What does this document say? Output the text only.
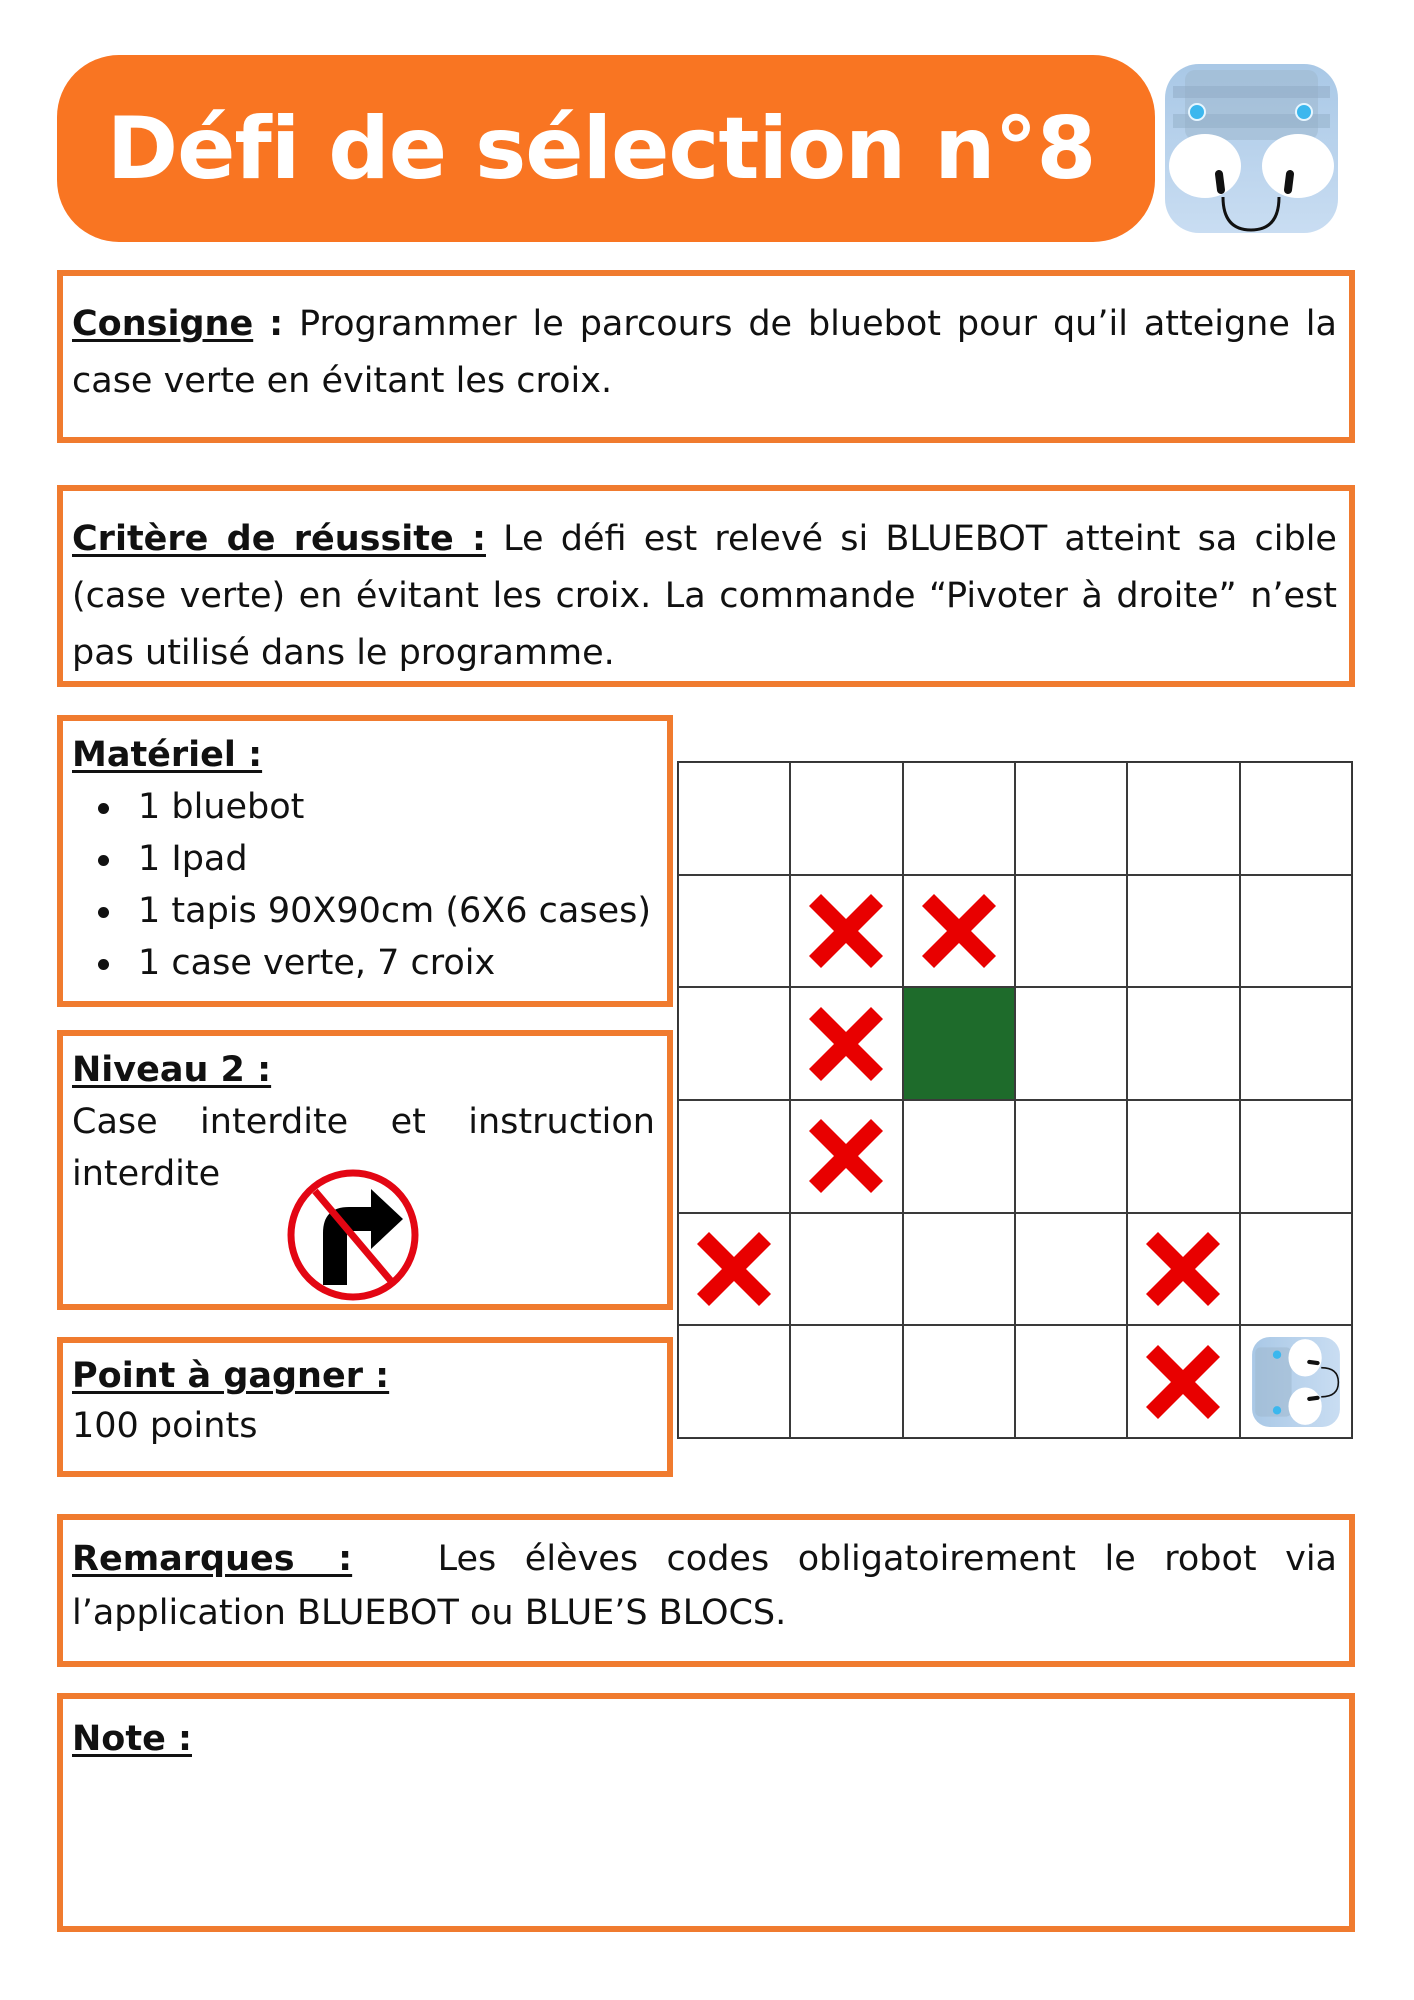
Défi de sélection n°8
Consigne : Programmer le parcours de bluebot pour qu’il atteigne la case verte en évitant les croix.
Critère de réussite : Le défi est relevé si BLUEBOT atteint sa cible (case verte) en évitant les croix. La commande “Pivoter à droite” n’est pas utilisé dans le programme.
Matériel :
1 bluebot
1 Ipad
1 tapis 90X90cm (6X6 cases)
1 case verte, 7 croix
Niveau 2 :
Case interdite et instruction interdite
Point à gagner :
100 points
Remarques : Les élèves codes obligatoirement le robot via l’application BLUEBOT ou BLUE’S BLOCS.
Note :
